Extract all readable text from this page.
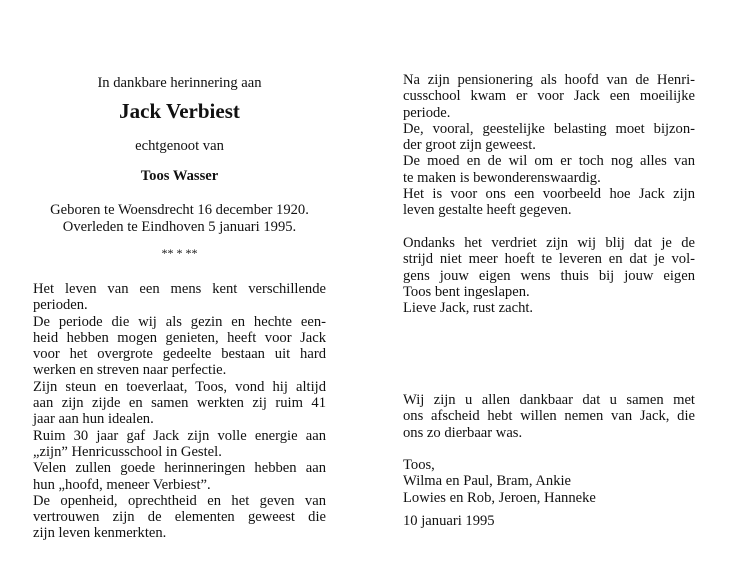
In dankbare herinnering aan
Jack Verbiest
echtgenoot van
Toos Wasser
Geboren te Woensdrecht 16 december 1920.
Overleden te Eindhoven 5 januari 1995.
** * **
Het leven van een mens kent verschillende
perioden.
De periode die wij als gezin en hechte een-
heid hebben mogen genieten, heeft voor Jack
voor het overgrote gedeelte bestaan uit hard
werken en streven naar perfectie.
Zijn steun en toeverlaat, Toos, vond hij altijd
aan zijn zijde en samen werkten zij ruim 41
jaar aan hun idealen.
Ruim 30 jaar gaf Jack zijn volle energie aan
„zijn” Henricusschool in Gestel.
Velen zullen goede herinneringen hebben aan
hun „hoofd, meneer Verbiest”.
De openheid, oprechtheid en het geven van
vertrouwen zijn de elementen geweest die
zijn leven kenmerkten.
Na zijn pensionering als hoofd van de Henri-
cusschool kwam er voor Jack een moeilijke
periode.
De, vooral, geestelijke belasting moet bijzon-
der groot zijn geweest.
De moed en de wil om er toch nog alles van
te maken is bewonderenswaardig.
Het is voor ons een voorbeeld hoe Jack zijn
leven gestalte heeft gegeven.
Ondanks het verdriet zijn wij blij dat je de
strijd niet meer hoeft te leveren en dat je vol-
gens jouw eigen wens thuis bij jouw eigen
Toos bent ingeslapen.
Lieve Jack, rust zacht.
Wij zijn u allen dankbaar dat u samen met
ons afscheid hebt willen nemen van Jack, die
ons zo dierbaar was.
Toos,
Wilma en Paul, Bram, Ankie
Lowies en Rob, Jeroen, Hanneke
10 januari 1995
